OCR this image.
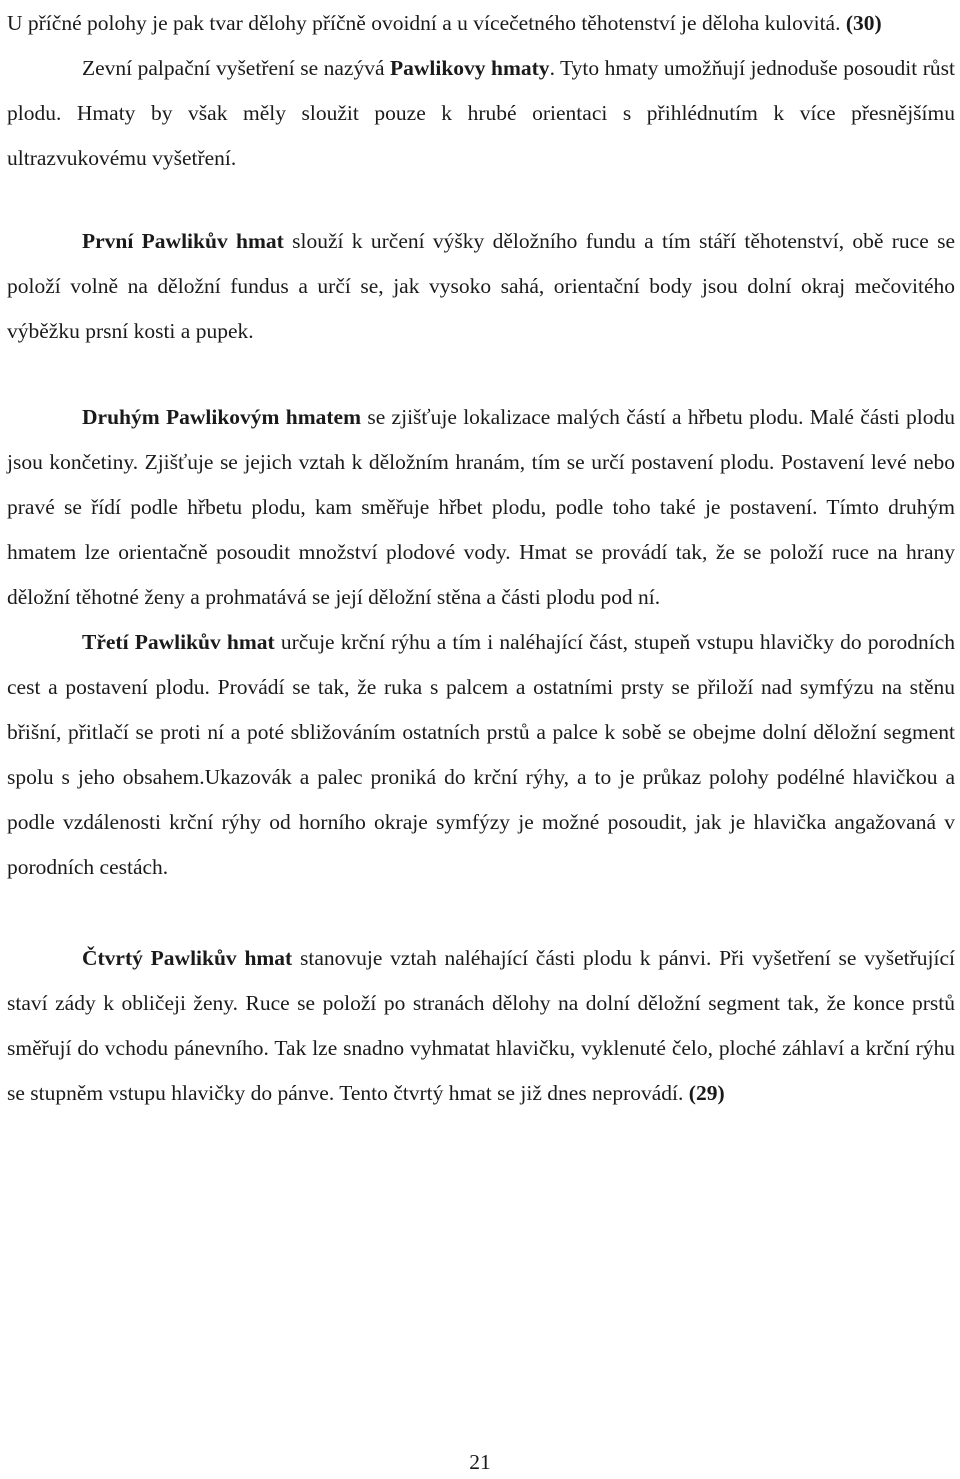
U příčné polohy je pak tvar dělohy příčně ovoidní a u vícečetného těhotenství je děloha kulovitá. (30)

Zevní palpační vyšetření se nazývá Pawlikovy hmaty. Tyto hmaty umožňují jednoduše posoudit růst plodu. Hmaty by však měly sloužit pouze k hrubé orientaci s přihlédnutím k více přesnějšímu ultrazvukovému vyšetření.

První Pawlikův hmat slouží k určení výšky děložního fundu a tím stáří těhotenství, obě ruce se položí volně na děložní fundus a určí se, jak vysoko sahá, orientační body jsou dolní okraj mečovitého výběžku prsní kosti a pupek.

Druhým Pawlikovým hmatem se zjišťuje lokalizace malých částí a hřbetu plodu. Malé části plodu jsou končetiny. Zjišťuje se jejich vztah k děložním hranám, tím se určí postavení plodu. Postavení levé nebo pravé se řídí podle hřbetu plodu, kam směřuje hřbet plodu, podle toho také je postavení. Tímto druhým hmatem lze orientačně posoudit množství plodové vody. Hmat se provádí tak, že se položí ruce na hrany děložní těhotné ženy a prohmatává se její děložní stěna a části plodu pod ní.

Třetí Pawlikův hmat určuje krční rýhu a tím i naléhající část, stupeň vstupu hlavičky do porodních cest a postavení plodu. Provádí se tak, že ruka s palcem a ostatními prsty se přiloží nad symfýzu na stěnu břišní, přitlačí se proti ní a poté sbližováním ostatních prstů a palce k sobě se obejme dolní děložní segment spolu s jeho obsahem.Ukazovák a palec proniká do krční rýhy, a to je průkaz polohy podélné hlavičkou a podle vzdálenosti krční rýhy od horního okraje symfýzy je možné posoudit, jak je hlavička angažovaná v porodních cestách.

Čtvrtý Pawlikův hmat stanovuje vztah naléhající části plodu k pánvi. Při vyšetření se vyšetřující staví zády k obličeji ženy. Ruce se položí po stranách dělohy na dolní děložní segment tak, že konce prstů směřují do vchodu pánevního. Tak lze snadno vyhmatat hlavičku, vyklenuté čelo, ploché záhlaví a krční rýhu se stupněm vstupu hlavičky do pánve. Tento čtvrtý hmat se již dnes neprovádí. (29)

21
